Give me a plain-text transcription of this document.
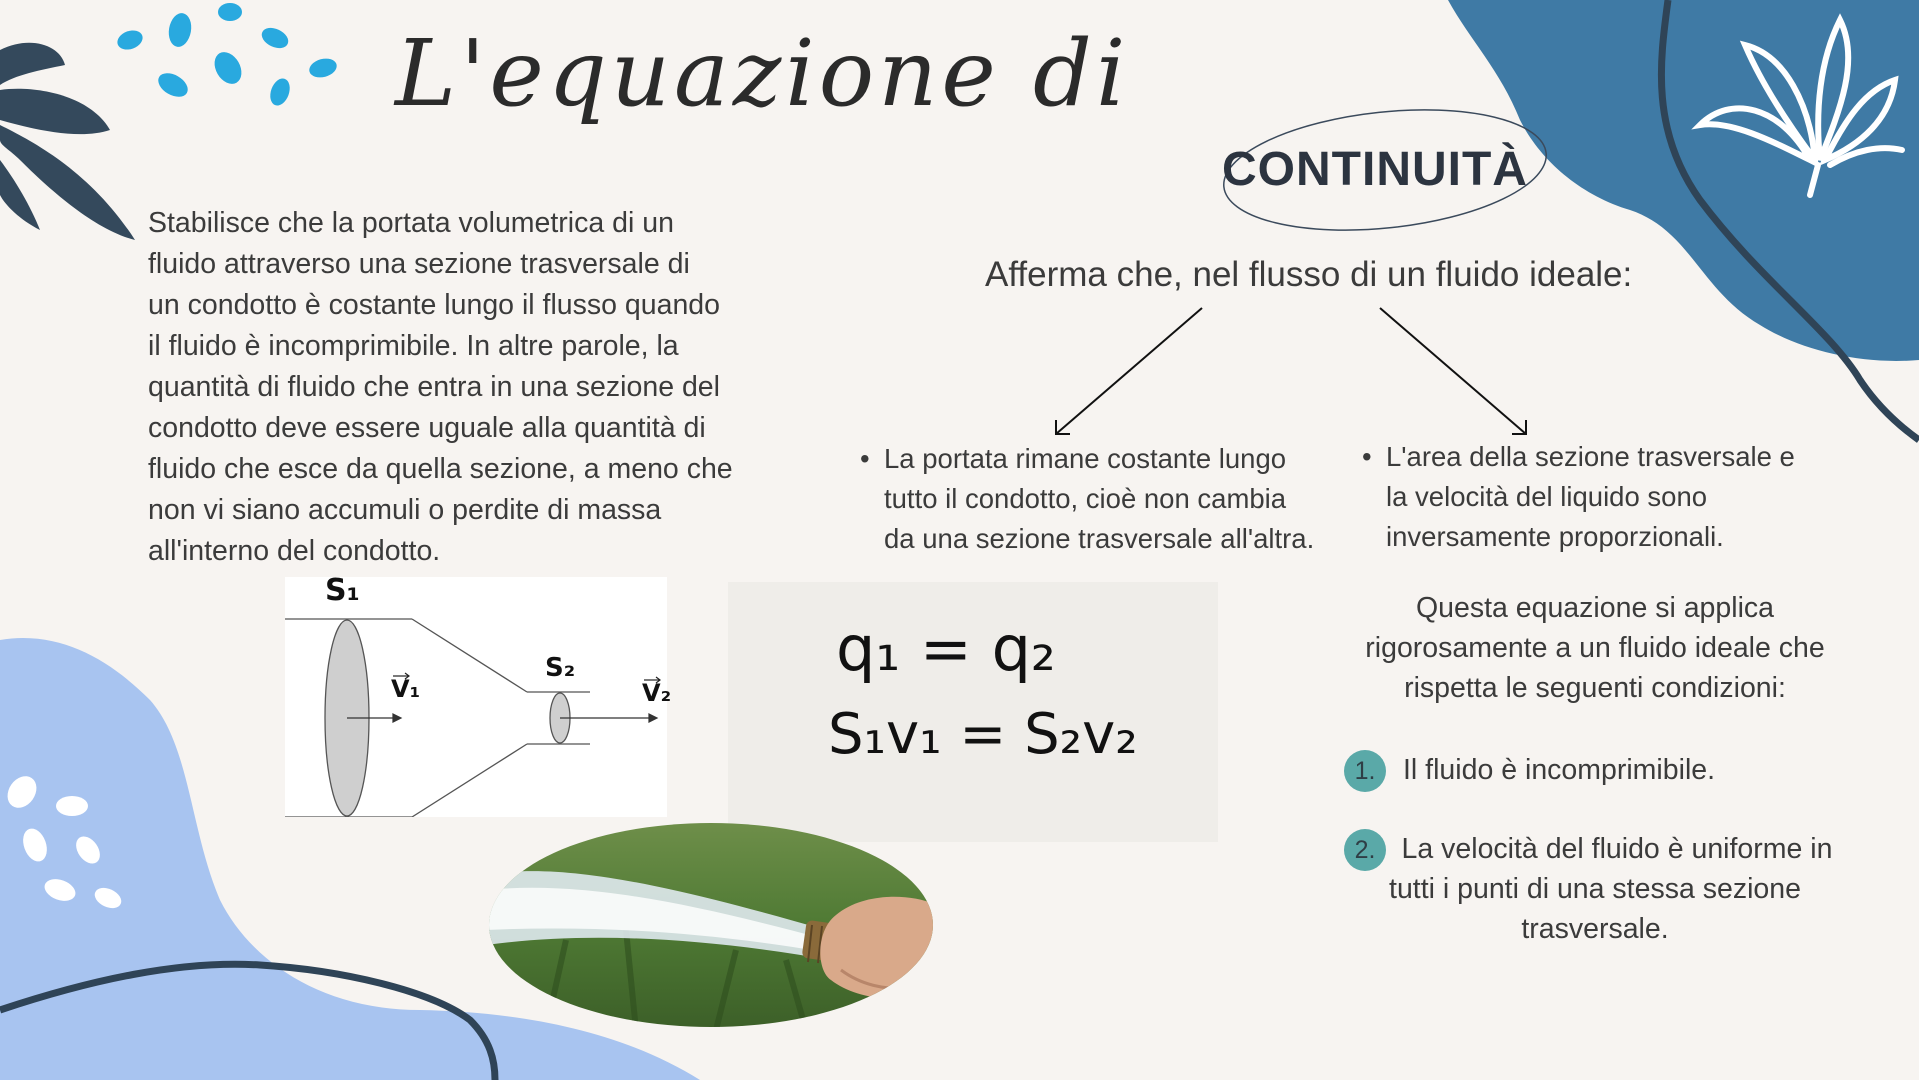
L'equazione di
CONTINUITÀ
Stabilisce che la portata volumetrica di un
fluido attraverso una sezione trasversale di
un condotto è costante lungo il flusso quando
il fluido è incomprimibile. In altre parole, la
quantità di fluido che entra in una sezione del
condotto deve essere uguale alla quantità di
fluido che esce da quella sezione, a meno che
non vi siano accumuli o perdite di massa
all'interno del condotto.
Afferma che, nel flusso di un fluido ideale:
• La portata rimane costante lungo
tutto il condotto, cioè non cambia
da una sezione trasversale all'altra.
• L'area della sezione trasversale e
la velocità del liquido sono
inversamente proporzionali.
Questa equazione si applica
rigorosamente a un fluido ideale che
rispetta le seguenti condizioni:
1. Il fluido è incomprimibile.
2. La velocità del fluido è uniforme in
tutti i punti di una stessa sezione
trasversale.
S₁
S₂
V₁	V₂
q₁ = q₂
S₁v₁ = S₂v₂
